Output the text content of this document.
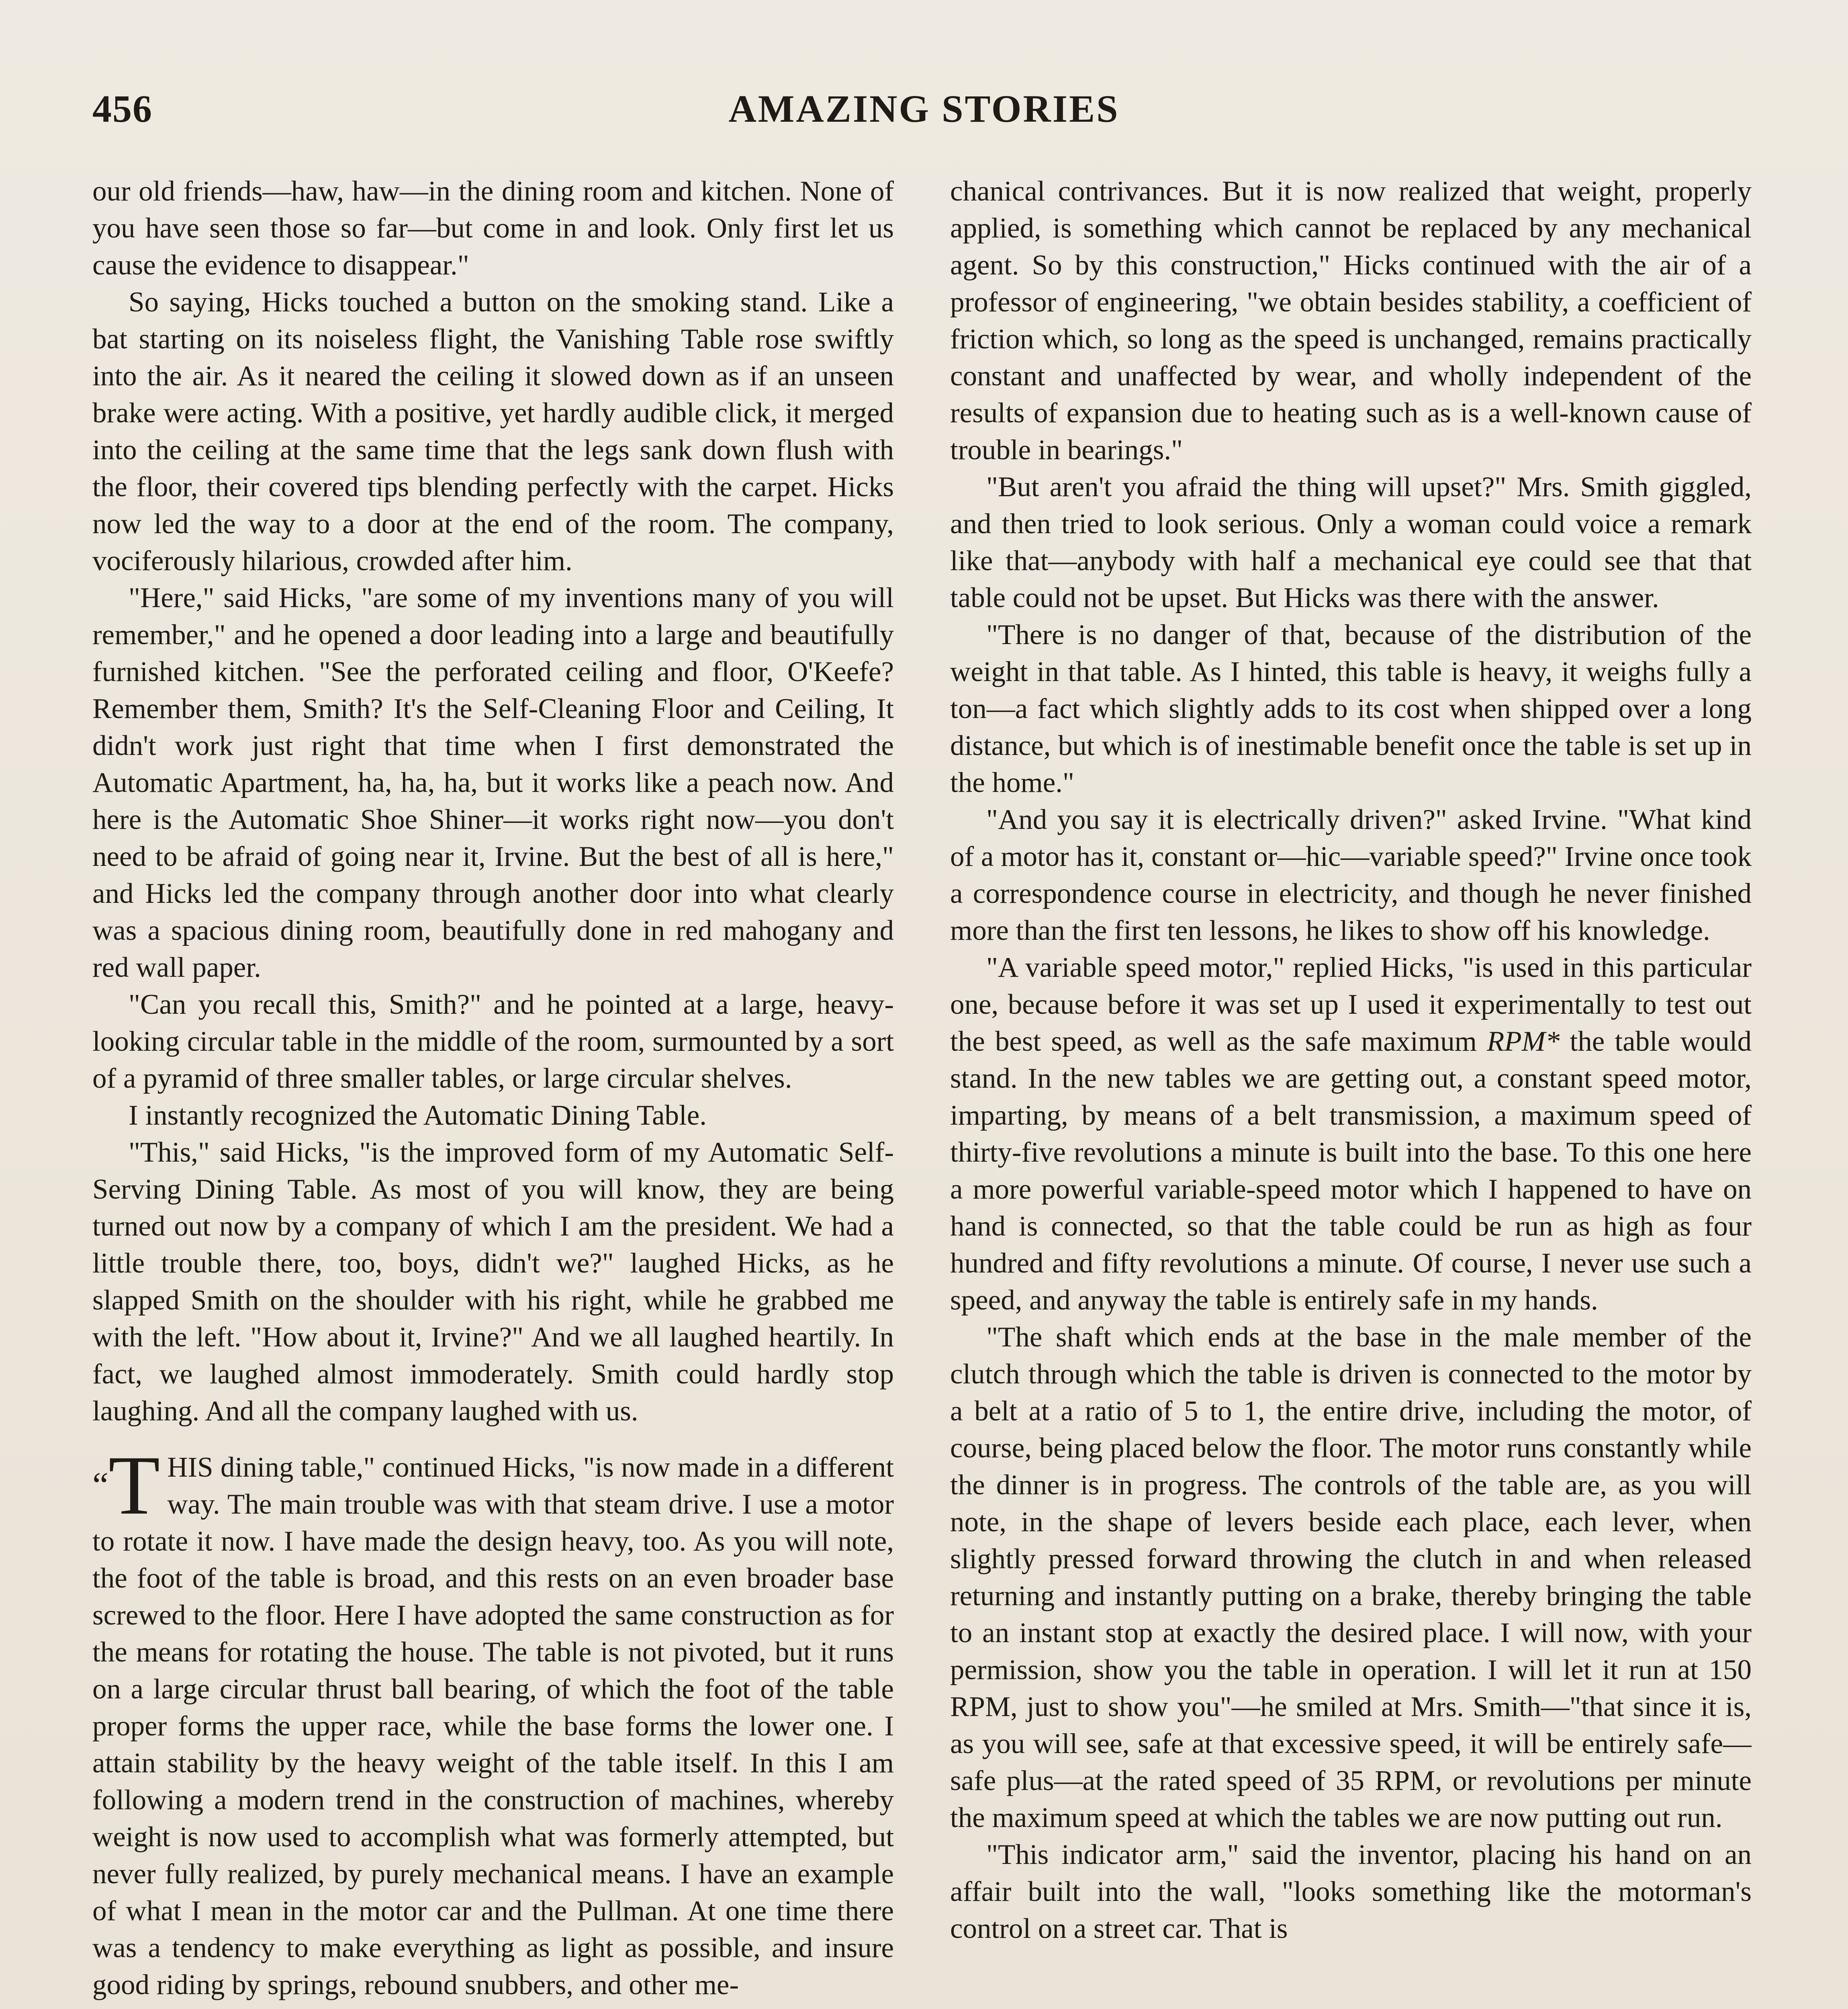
456	AMAZING STORIES

our old friends—haw, haw—in the dining room and kitchen. None of you have seen those so far—but come in and look. Only first let us cause the evidence to disappear."

So saying, Hicks touched a button on the smoking stand. Like a bat starting on its noiseless flight, the Vanishing Table rose swiftly into the air. As it neared the ceiling it slowed down as if an unseen brake were acting. With a positive, yet hardly audible click, it merged into the ceiling at the same time that the legs sank down flush with the floor, their covered tips blending perfectly with the carpet. Hicks now led the way to a door at the end of the room. The company, vociferously hilarious, crowded after him.

"Here," said Hicks, "are some of my inventions many of you will remember," and he opened a door leading into a large and beautifully furnished kitchen. "See the perforated ceiling and floor, O'Keefe? Remember them, Smith? It's the Self-Cleaning Floor and Ceiling, It didn't work just right that time when I first demonstrated the Automatic Apartment, ha, ha, ha, but it works like a peach now. And here is the Automatic Shoe Shiner—it works right now—you don't need to be afraid of going near it, Irvine. But the best of all is here," and Hicks led the company through another door into what clearly was a spacious dining room, beautifully done in red mahogany and red wall paper.

"Can you recall this, Smith?" and he pointed at a large, heavy-looking circular table in the middle of the room, surmounted by a sort of a pyramid of three smaller tables, or large circular shelves.

I instantly recognized the Automatic Dining Table.

"This," said Hicks, "is the improved form of my Automatic Self-Serving Dining Table. As most of you will know, they are being turned out now by a company of which I am the president. We had a little trouble there, too, boys, didn't we?" laughed Hicks, as he slapped Smith on the shoulder with his right, while he grabbed me with the left. "How about it, Irvine?" And we all laughed heartily. In fact, we laughed almost immoderately. Smith could hardly stop laughing. And all the company laughed with us.

“T HIS dining table," continued Hicks, "is now made in a different way. The main trouble was with that steam drive. I use a motor to rotate it now. I have made the design heavy, too. As you will note, the foot of the table is broad, and this rests on an even broader base screwed to the floor. Here I have adopted the same construction as for the means for rotating the house. The table is not pivoted, but it runs on a large circular thrust ball bearing, of which the foot of the table proper forms the upper race, while the base forms the lower one. I attain stability by the heavy weight of the table itself. In this I am following a modern trend in the construction of machines, whereby weight is now used to accomplish what was formerly attempted, but never fully realized, by purely mechanical means. I have an example of what I mean in the motor car and the Pullman. At one time there was a tendency to make everything as light as possible, and insure good riding by springs, rebound snubbers, and other me-

chanical contrivances. But it is now realized that weight, properly applied, is something which cannot be replaced by any mechanical agent. So by this construction," Hicks continued with the air of a professor of engineering, "we obtain besides stability, a coefficient of friction which, so long as the speed is unchanged, remains practically constant and unaffected by wear, and wholly independent of the results of expansion due to heating such as is a well-known cause of trouble in bearings."

"But aren't you afraid the thing will upset?" Mrs. Smith giggled, and then tried to look serious. Only a woman could voice a remark like that—anybody with half a mechanical eye could see that that table could not be upset. But Hicks was there with the answer.

"There is no danger of that, because of the distribution of the weight in that table. As I hinted, this table is heavy, it weighs fully a ton—a fact which slightly adds to its cost when shipped over a long distance, but which is of inestimable benefit once the table is set up in the home."

"And you say it is electrically driven?" asked Irvine. "What kind of a motor has it, constant or—hic—variable speed?" Irvine once took a correspondence course in electricity, and though he never finished more than the first ten lessons, he likes to show off his knowledge.

"A variable speed motor," replied Hicks, "is used in this particular one, because before it was set up I used it experimentally to test out the best speed, as well as the safe maximum RPM* the table would stand. In the new tables we are getting out, a constant speed motor, imparting, by means of a belt transmission, a maximum speed of thirty-five revolutions a minute is built into the base. To this one here a more powerful variable-speed motor which I happened to have on hand is connected, so that the table could be run as high as four hundred and fifty revolutions a minute. Of course, I never use such a speed, and anyway the table is entirely safe in my hands.

"The shaft which ends at the base in the male member of the clutch through which the table is driven is connected to the motor by a belt at a ratio of 5 to 1, the entire drive, including the motor, of course, being placed below the floor. The motor runs constantly while the dinner is in progress. The controls of the table are, as you will note, in the shape of levers beside each place, each lever, when slightly pressed forward throwing the clutch in and when released returning and instantly putting on a brake, thereby bringing the table to an instant stop at exactly the desired place. I will now, with your permission, show you the table in operation. I will let it run at 150 RPM, just to show you"—he smiled at Mrs. Smith—"that since it is, as you will see, safe at that excessive speed, it will be entirely safe—safe plus—at the rated speed of 35 RPM, or revolutions per minute the maximum speed at which the tables we are now putting out run.

"This indicator arm," said the inventor, placing his hand on an affair built into the wall, "looks something like the motorman's control on a street car. That is
